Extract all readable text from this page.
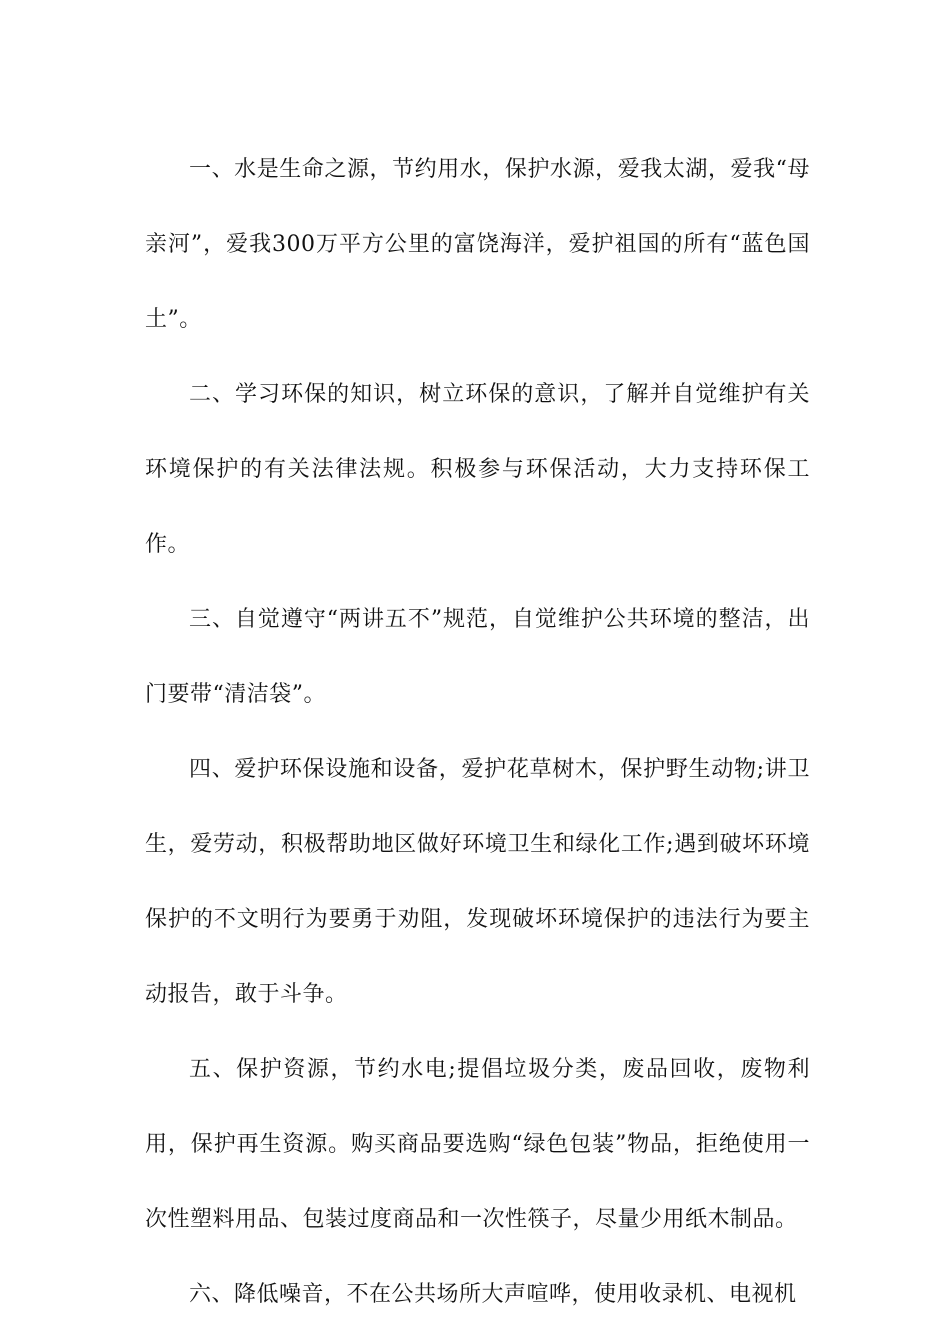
一、水是生命之源，节约用水，保护水源，爱我太湖，爱我“母亲河”，爱我300万平方公里的富饶海洋，爱护祖国的所有“蓝色国土”。

二、学习环保的知识，树立环保的意识，了解并自觉维护有关环境保护的有关法律法规。积极参与环保活动，大力支持环保工作。

三、自觉遵守“两讲五不”规范，自觉维护公共环境的整洁，出门要带“清洁袋”。

四、爱护环保设施和设备，爱护花草树木，保护野生动物;讲卫生，爱劳动，积极帮助地区做好环境卫生和绿化工作;遇到破坏环境保护的不文明行为要勇于劝阻，发现破坏环境保护的违法行为要主动报告，敢于斗争。

五、保护资源，节约水电;提倡垃圾分类，废品回收，废物利用，保护再生资源。购买商品要选购“绿色包装”物品，拒绝使用一次性塑料用品、包装过度商品和一次性筷子，尽量少用纸木制品。

六、降低噪音，不在公共场所大声喧哗，使用收录机、电视机
